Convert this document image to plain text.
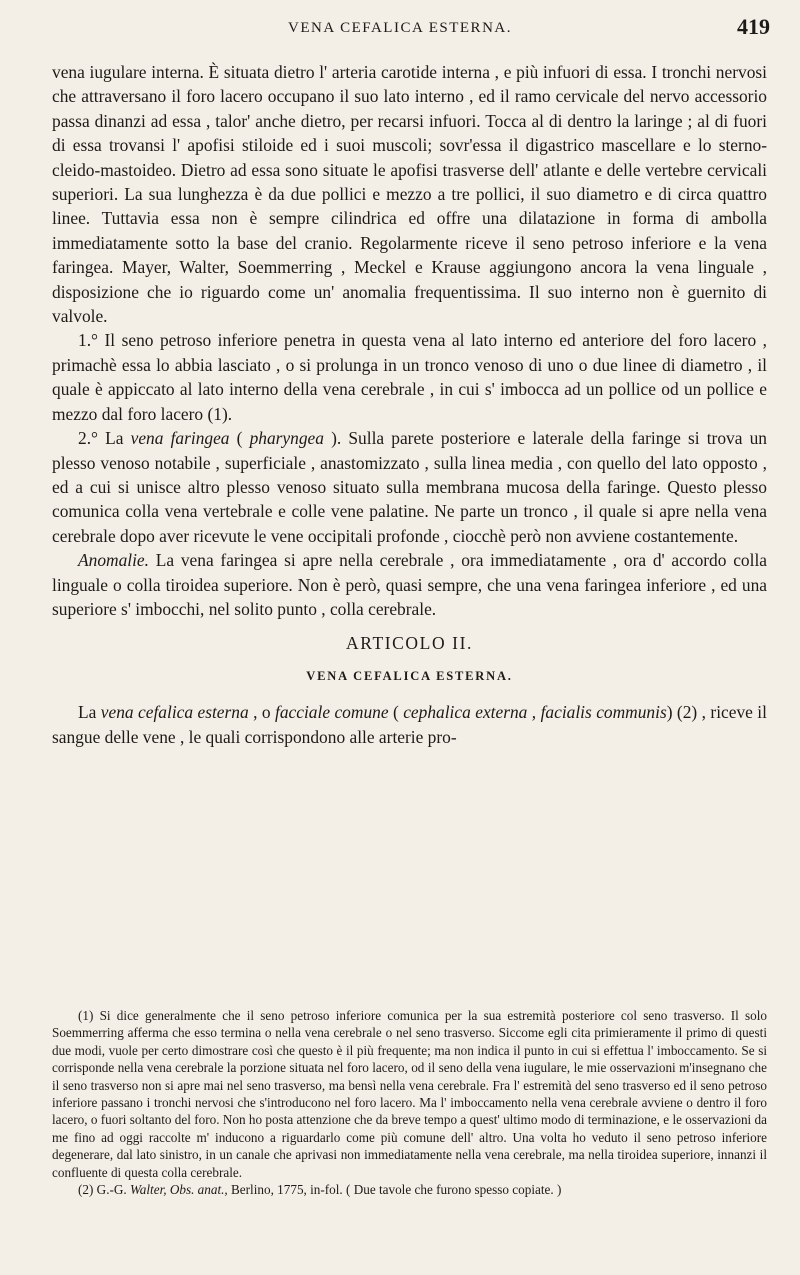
VENA CEFALICA ESTERNA.	419

vena iugulare interna. È situata dietro l' arteria carotide interna , e più infuori di essa. I tronchi nervosi che attraversano il foro lacero occupano il suo lato interno , ed il ramo cervicale del nervo accessorio passa dinanzi ad essa , talor' anche dietro, per recarsi infuori. Tocca al di dentro la laringe ; al di fuori di essa trovansi l' apofisi stiloide ed i suoi muscoli; sovr'essa il digastrico mascellare e lo sterno-cleido-mastoideo. Dietro ad essa sono situate le apofisi trasverse dell' atlante e delle vertebre cervicali superiori. La sua lunghezza è da due pollici e mezzo a tre pollici, il suo diametro e di circa quattro linee. Tuttavia essa non è sempre cilindrica ed offre una dilatazione in forma di ambolla immediatamente sotto la base del cranio. Regolarmente riceve il seno petroso inferiore e la vena faringea. Mayer, Walter, Soemmerring , Meckel e Krause aggiungono ancora la vena linguale , disposizione che io riguardo come un' anomalia frequentissima. Il suo interno non è guernito di valvole.

1.° Il seno petroso inferiore penetra in questa vena al lato interno ed anteriore del foro lacero , primachè essa lo abbia lasciato , o si prolunga in un tronco venoso di uno o due linee di diametro , il quale è appiccato al lato interno della vena cerebrale , in cui s' imbocca ad un pollice od un pollice e mezzo dal foro lacero (1).

2.° La vena faringea ( pharyngea ). Sulla parete posteriore e laterale della faringe si trova un plesso venoso notabile , superficiale , anastomizzato , sulla linea media , con quello del lato opposto , ed a cui si unisce altro plesso venoso situato sulla membrana mucosa della faringe. Questo plesso comunica colla vena vertebrale e colle vene palatine. Ne parte un tronco , il quale si apre nella vena cerebrale dopo aver ricevute le vene occipitali profonde , ciocchè però non avviene costantemente.

Anomalie. La vena faringea si apre nella cerebrale , ora immediatamente , ora d' accordo colla linguale o colla tiroidea superiore. Non è però, quasi sempre, che una vena faringea inferiore , ed una superiore s' imbocchi, nel solito punto , colla cerebrale.

ARTICOLO II.
VENA CEFALICA ESTERNA.

La vena cefalica esterna , o facciale comune ( cephalica externa , facialis communis) (2) , riceve il sangue delle vene , le quali corrispondono alle arterie pro-

(1) Si dice generalmente che il seno petroso inferiore comunica per la sua estremità posteriore col seno trasverso. Il solo Soemmerring afferma che esso termina o nella vena cerebrale o nel seno trasverso. Siccome egli cita primieramente il primo di questi due modi, vuole per certo dimostrare così che questo è il più frequente; ma non indica il punto in cui si effettua l' imboccamento. Se si corrisponde nella vena cerebrale la porzione situata nel foro lacero, od il seno della vena iugulare, le mie osservazioni m'insegnano che il seno trasverso non si apre mai nel seno trasverso, ma bensì nella vena cerebrale. Fra l' estremità del seno trasverso ed il seno petroso inferiore passano i tronchi nervosi che s'introducono nel foro lacero. Ma l' imboccamento nella vena cerebrale avviene o dentro il foro lacero, o fuori soltanto del foro. Non ho posta attenzione che da breve tempo a quest' ultimo modo di terminazione, e le osservazioni da me fino ad oggi raccolte m' inducono a riguardarlo come più comune dell' altro. Una volta ho veduto il seno petroso inferiore degenerare, dal lato sinistro, in un canale che aprivasi non immediatamente nella vena cerebrale, ma nella tiroidea superiore, innanzi il confluente di questa colla cerebrale.

(2) G.-G. Walter, Obs. anat., Berlino, 1775, in-fol. ( Due tavole che furono spesso copiate. )
